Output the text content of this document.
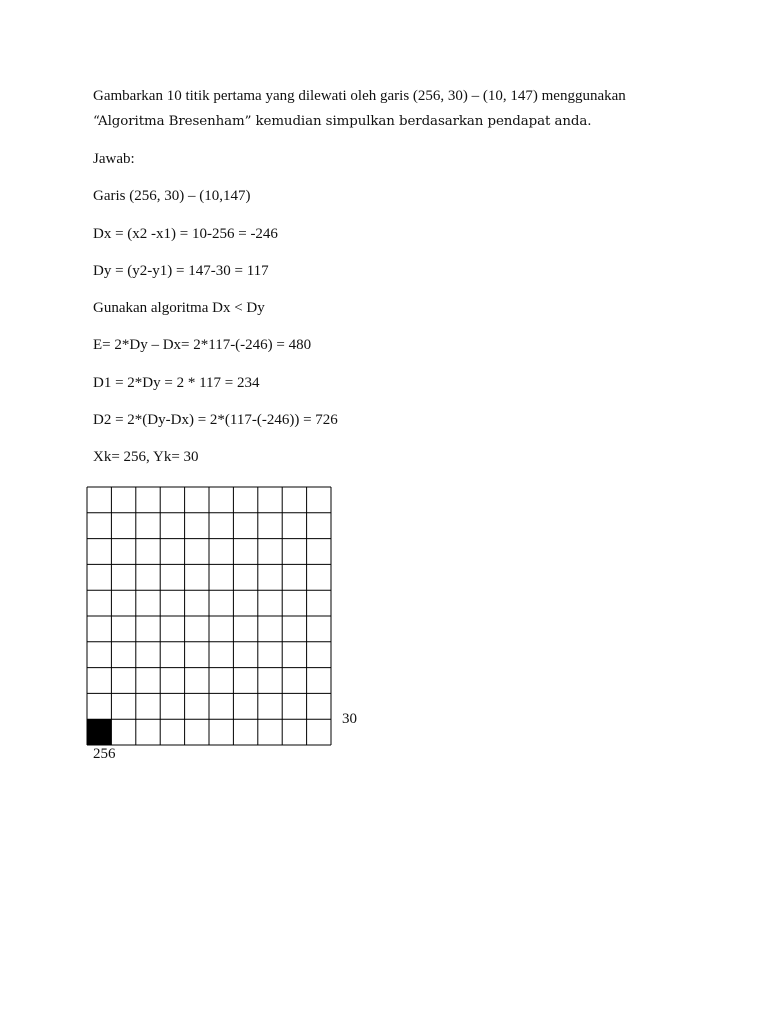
Gambarkan 10 titik pertama yang dilewati oleh garis (256, 30) – (10, 147) menggunakan
“Algoritma Bresenham” kemudian simpulkan berdasarkan pendapat anda.
Jawab:
Garis (256, 30) – (10,147)
Dx = (x2 -x1) = 10-256 = -246
Dy = (y2-y1) = 147-30 = 117
Gunakan algoritma Dx < Dy
E= 2*Dy – Dx= 2*117-(-246) = 480
D1 = 2*Dy = 2 * 117 = 234
D2 = 2*(Dy-Dx) = 2*(117-(-246)) = 726
Xk= 256, Yk= 30
30
256
